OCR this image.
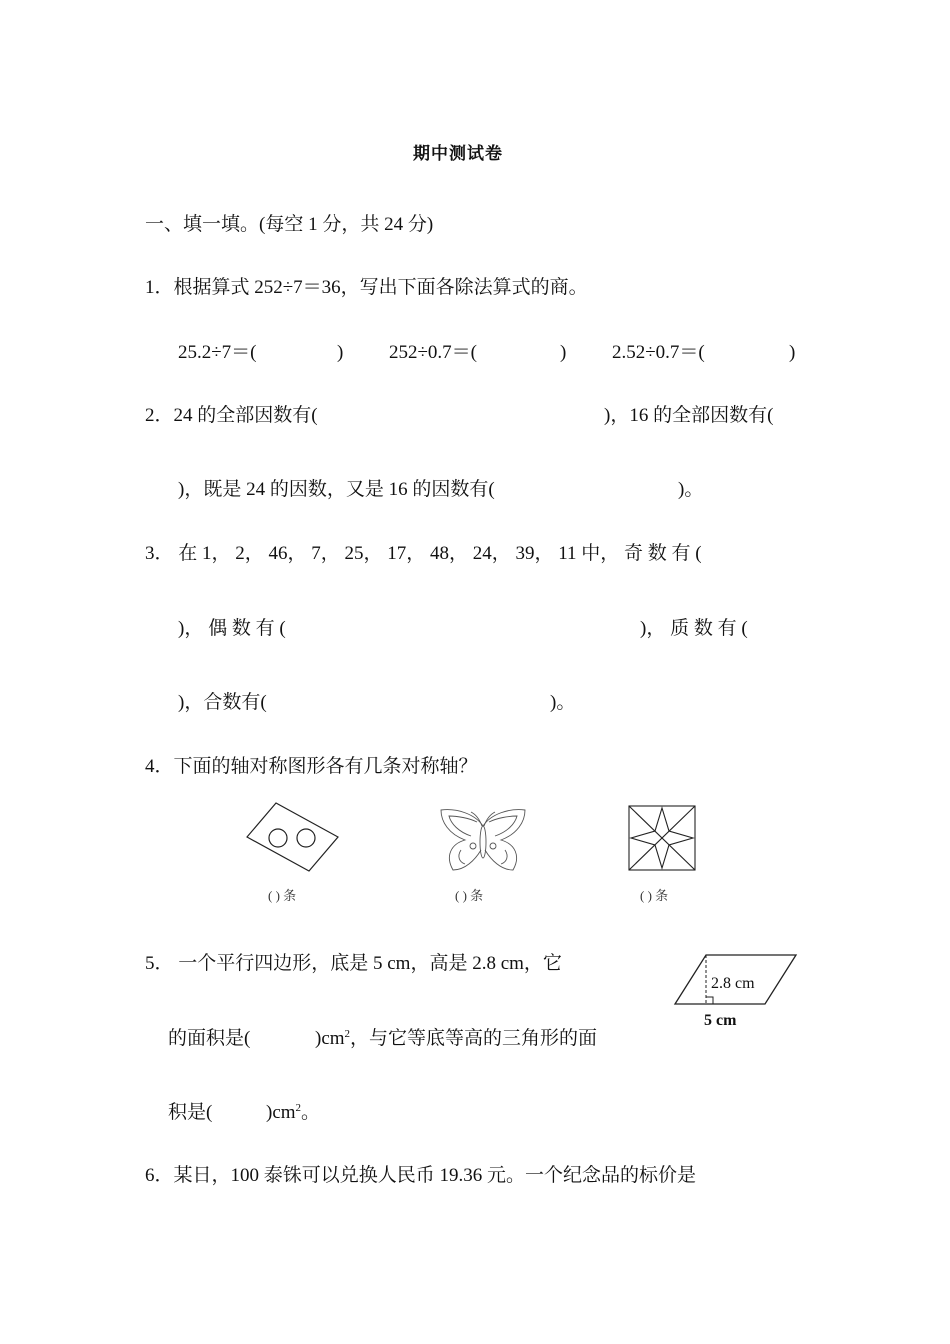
期中测试卷
一、填一填。(每空 1 分，共 24 分)
1．根据算式 252÷7＝36，写出下面各除法算式的商。
25.2÷7＝(	) 252÷0.7＝(	) 2.52÷0.7＝(	)
2．24 的全部因数有(	)，16 的全部因数有(
)，既是 24 的因数，又是 16 的因数有(	)。
3． 在 1， 2， 46， 7， 25， 17， 48， 24， 39， 11 中， 奇 数 有 (
)， 偶 数 有 (	)， 质 数 有 (
)，合数有(	)。
4．下面的轴对称图形各有几条对称轴？
( ) 条	( ) 条	( ) 条
5． 一个平行四边形，底是 5 cm，高是 2.8 cm，它
的面积是(	)$cm^2$，与它等底等高的三角形的面
积是(	)$cm^2$。
2.8 cm
5 cm
6．某日，100 泰铢可以兑换人民币 19.36 元。一个纪念品的标价是
